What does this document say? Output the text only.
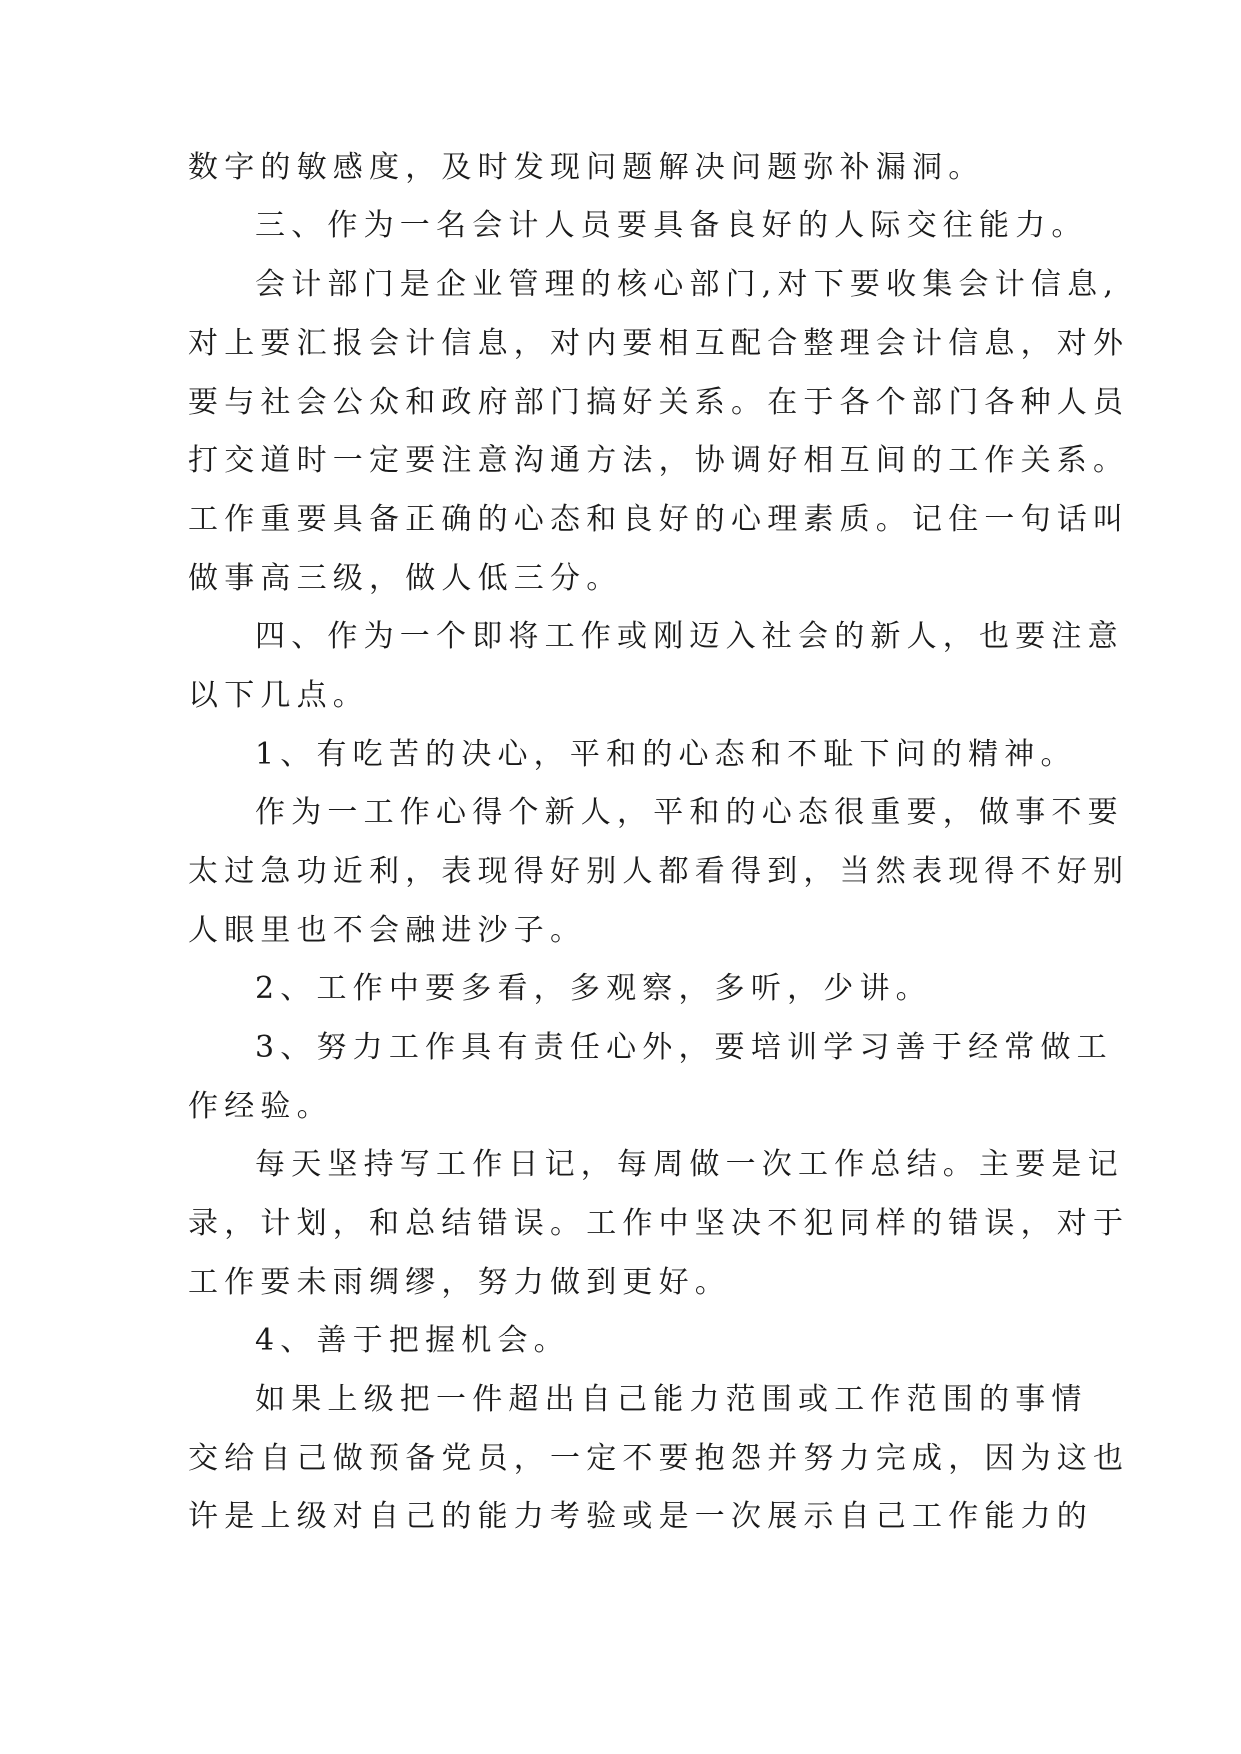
数字的敏感度，及时发现问题解决问题弥补漏洞。
三、作为一名会计人员要具备良好的人际交往能力。
会计部门是企业管理的核心部门,对下要收集会计信息,
对上要汇报会计信息，对内要相互配合整理会计信息，对外
要与社会公众和政府部门搞好关系。在于各个部门各种人员
打交道时一定要注意沟通方法，协调好相互间的工作关系。
工作重要具备正确的心态和良好的心理素质。记住一句话叫
做事高三级，做人低三分。
四、作为一个即将工作或刚迈入社会的新人，也要注意
以下几点。
1、有吃苦的决心，平和的心态和不耻下问的精神。
作为一工作心得个新人，平和的心态很重要，做事不要
太过急功近利，表现得好别人都看得到，当然表现得不好别
人眼里也不会融进沙子。
2、工作中要多看，多观察，多听，少讲。
3、努力工作具有责任心外，要培训学习善于经常做工
作经验。
每天坚持写工作日记，每周做一次工作总结。主要是记
录，计划，和总结错误。工作中坚决不犯同样的错误，对于
工作要未雨绸缪，努力做到更好。
4、善于把握机会。
如果上级把一件超出自己能力范围或工作范围的事情
交给自己做预备党员，一定不要抱怨并努力完成，因为这也
许是上级对自己的能力考验或是一次展示自己工作能力的
